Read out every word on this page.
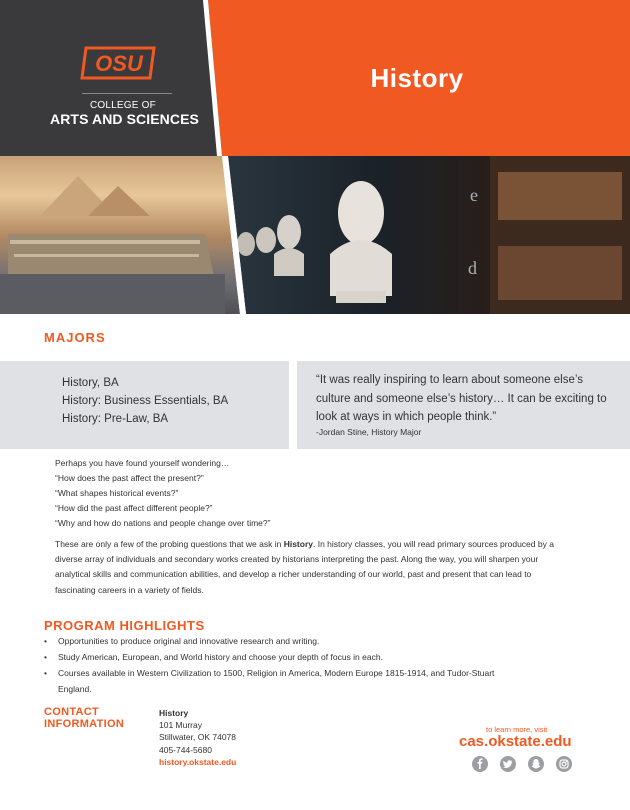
OSU
COLLEGE OF
ARTS AND SCIENCES
History
e
d
MAJORS
History, BA
History: Business Essentials, BA
History: Pre-Law, BA
“It was really inspiring to learn about someone else’s culture and someone else’s history… It can be exciting to look at ways in which people think.”
-Jordan Stine, History Major
Perhaps you have found yourself wondering…
“How does the past affect the present?”
“What shapes historical events?”
“How did the past affect different people?”
“Why and how do nations and people change over time?”

These are only a few of the probing questions that we ask in History. In history classes, you will read primary sources produced by a diverse array of individuals and secondary works created by historians interpreting the past. Along the way, you will sharpen your analytical skills and communication abilities, and develop a richer understanding of our world, past and present that can lead to fascinating careers in a variety of fields.

PROGRAM HIGHLIGHTS
• Opportunities to produce original and innovative research and writing.
• Study American, European, and World history and choose your depth of focus in each.
• Courses available in Western Civilization to 1500, Religion in America, Modern Europe 1815-1914, and Tudor-Stuart England.
CONTACT
INFORMATION
History
101 Murray
Stillwater, OK 74078
405-744-5680
history.okstate.edu
to learn more, visit
cas.okstate.edu
